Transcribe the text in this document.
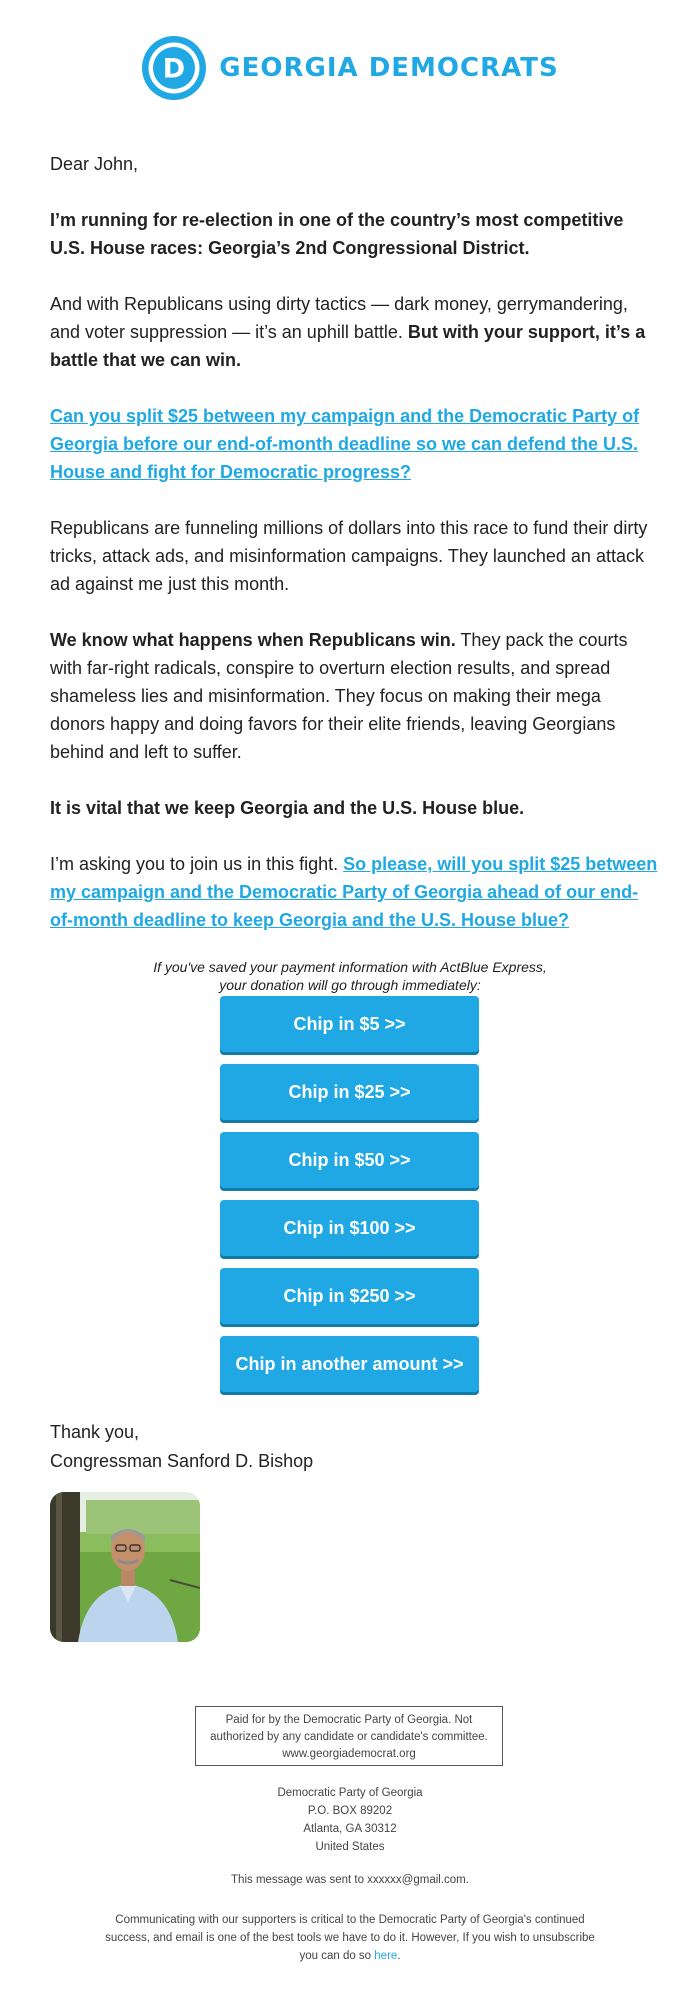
D GEORGIA DEMOCRATS

Dear John,

I’m running for re-election in one of the country’s most competitive U.S. House races: Georgia’s 2nd Congressional District.

And with Republicans using dirty tactics — dark money, gerrymandering, and voter suppression — it’s an uphill battle. But with your support, it’s a battle that we can win.

Can you split $25 between my campaign and the Democratic Party of Georgia before our end-of-month deadline so we can defend the U.S. House and fight for Democratic progress?

Republicans are funneling millions of dollars into this race to fund their dirty tricks, attack ads, and misinformation campaigns. They launched an attack ad against me just this month.

We know what happens when Republicans win. They pack the courts with far-right radicals, conspire to overturn election results, and spread shameless lies and misinformation. They focus on making their mega donors happy and doing favors for their elite friends, leaving Georgians behind and left to suffer.

It is vital that we keep Georgia and the U.S. House blue.

I’m asking you to join us in this fight. So please, will you split $25 between my campaign and the Democratic Party of Georgia ahead of our end-of-month deadline to keep Georgia and the U.S. House blue?

If you've saved your payment information with ActBlue Express,
your donation will go through immediately:
Chip in $5 >>
Chip in $25 >>
Chip in $50 >>
Chip in $100 >>
Chip in $250 >>
Chip in another amount >>
Thank you,
Congressman Sanford D. Bishop
Paid for by the Democratic Party of Georgia. Not
authorized by any candidate or candidate's committee.
www.georgiademocrat.org
Democratic Party of Georgia
P.O. BOX 89202
Atlanta, GA 30312
United States
This message was sent to xxxxxx@gmail.com.
Communicating with our supporters is critical to the Democratic Party of Georgia's continued success, and email is one of the best tools we have to do it. However, If you wish to unsubscribe you can do so here.
